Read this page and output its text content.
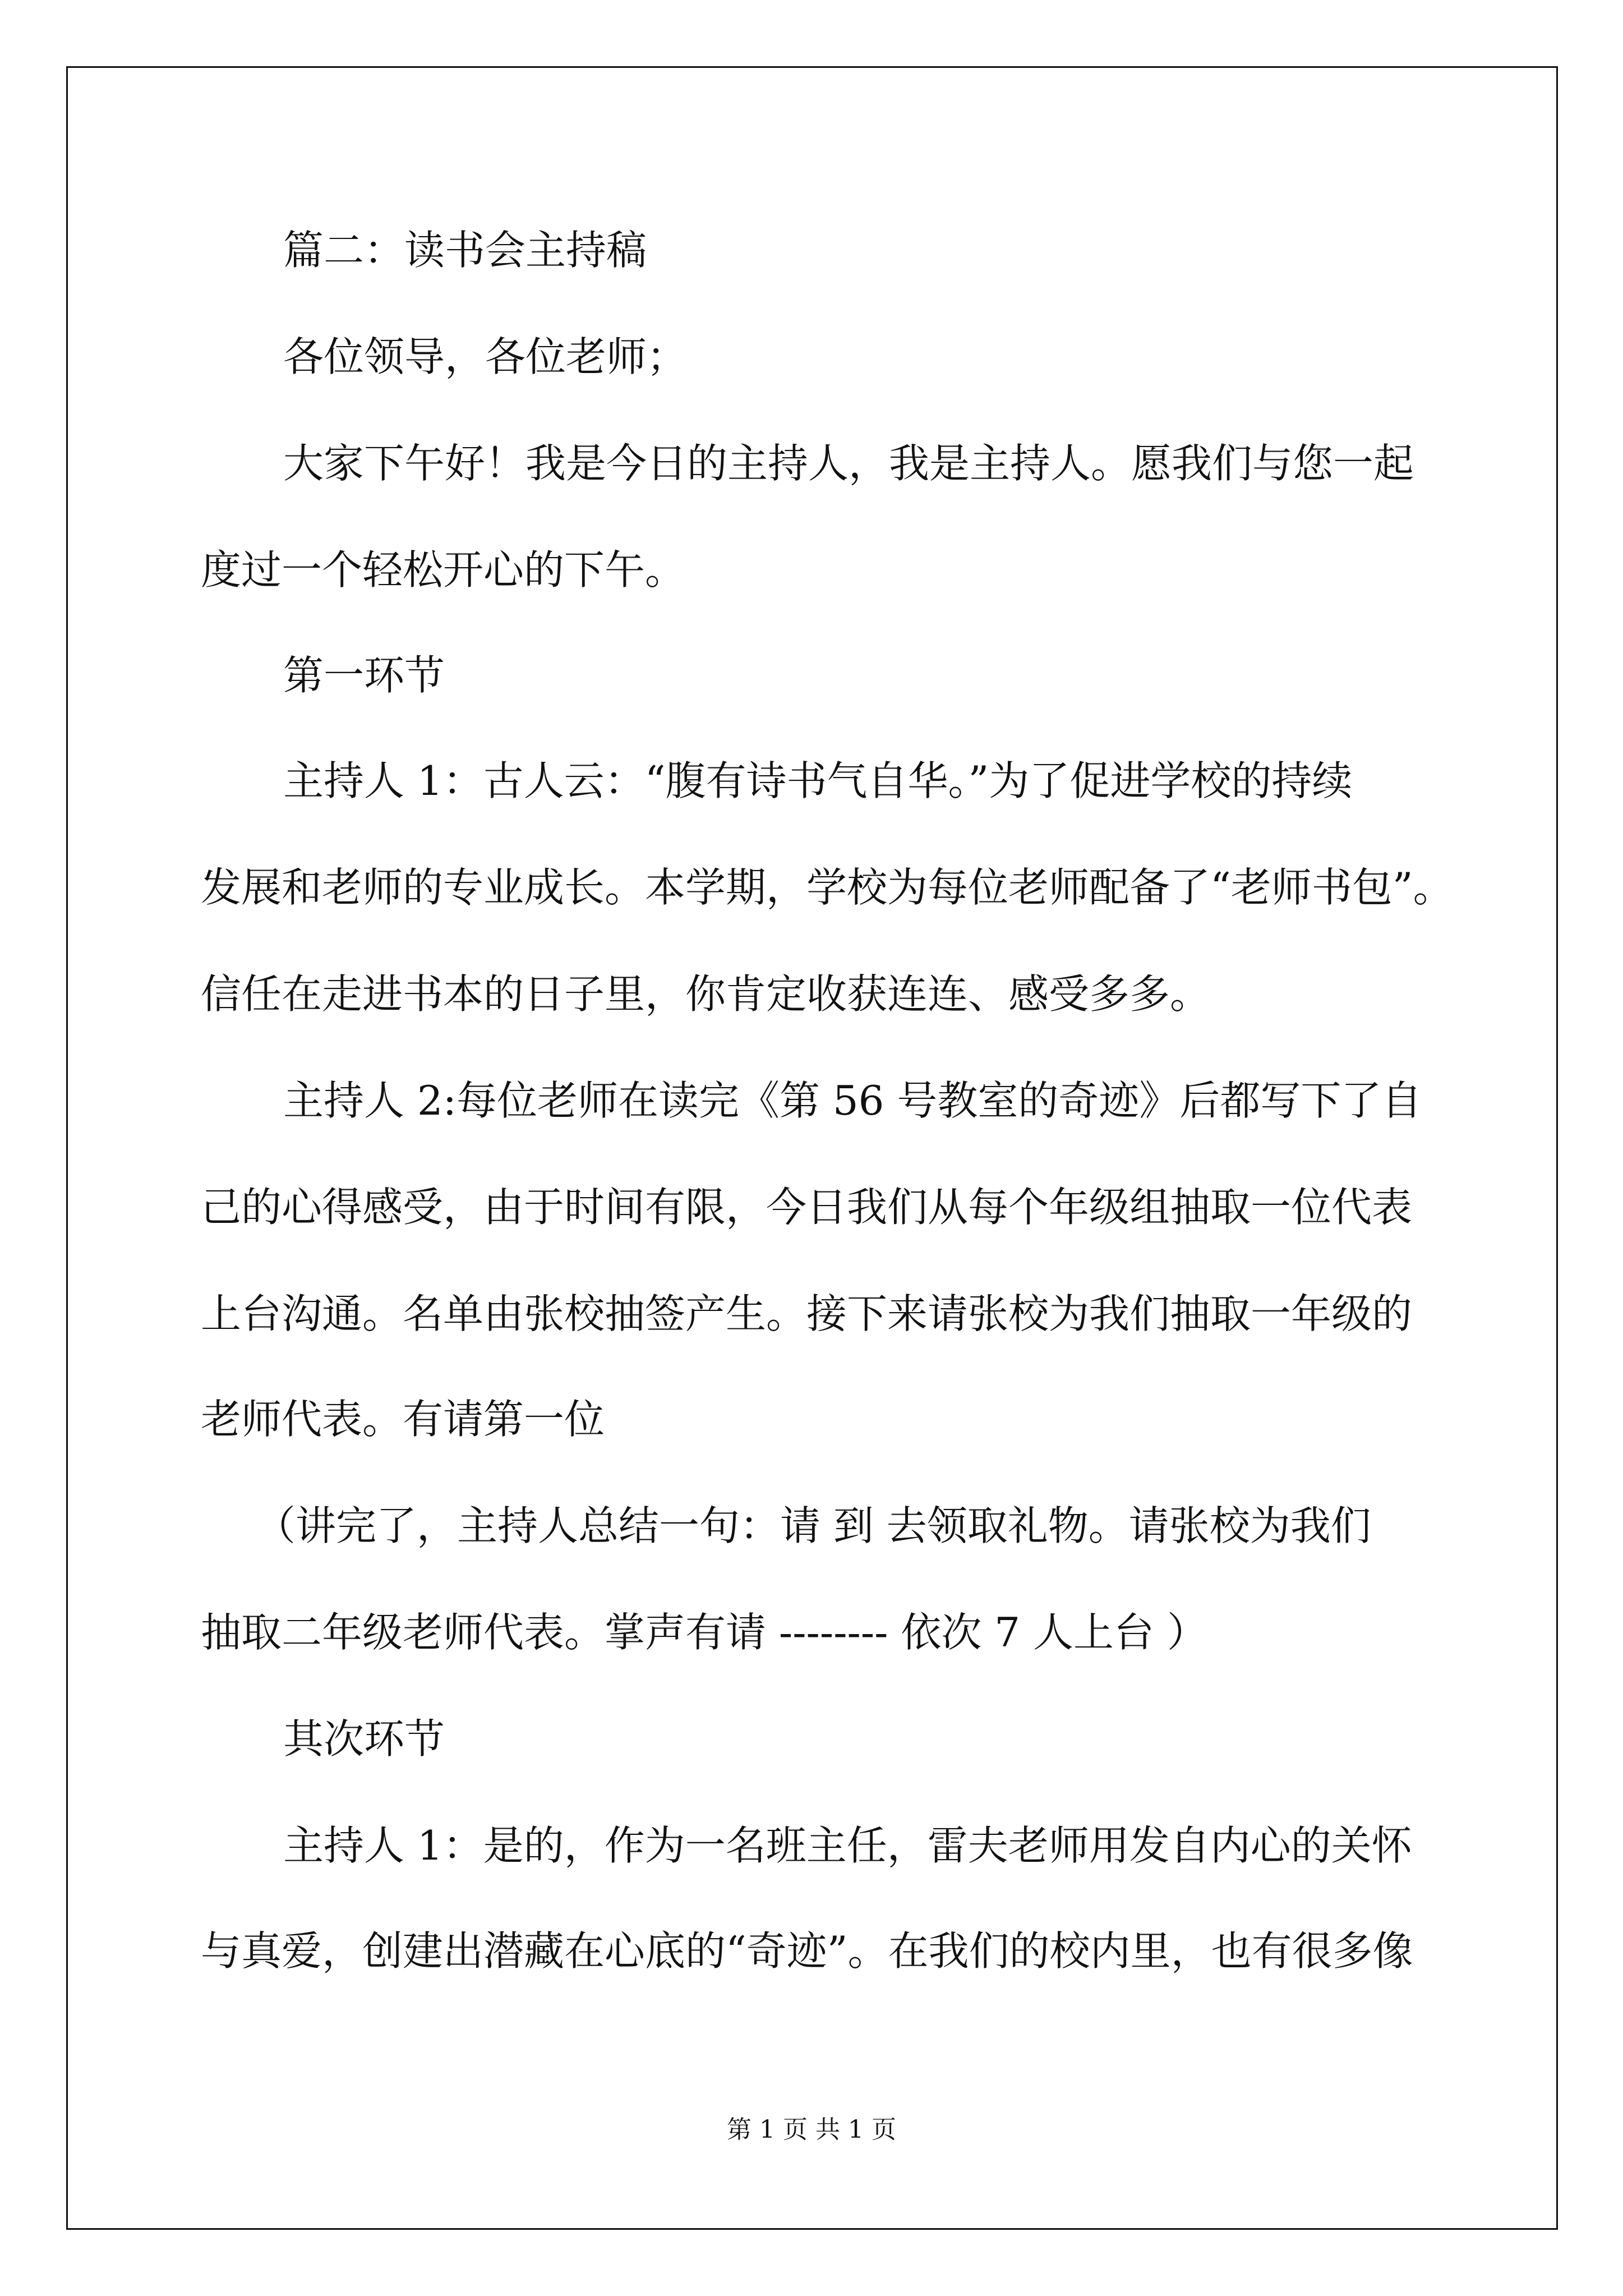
篇二：读书会主持稿
各位领导，各位老师；
大家下午好！我是今日的主持人，我是主持人。愿我们与您一起
度过一个轻松开心的下午。
第一环节
主持人 1：古人云：“腹有诗书气自华。”为了促进学校的持续
发展和老师的专业成长。本学期，学校为每位老师配备了“老师书包”。
信任在走进书本的日子里，你肯定收获连连、感受多多。
主持人 2:每位老师在读完《第 56 号教室的奇迹》后都写下了自
己的心得感受，由于时间有限，今日我们从每个年级组抽取一位代表
上台沟通。名单由张校抽签产生。接下来请张校为我们抽取一年级的
老师代表。有请第一位
（讲完了，主持人总结一句：请 到 去领取礼物。请张校为我们
抽取二年级老师代表。掌声有请 -------- 依次 7 人上台 ）
其次环节
主持人 1：是的，作为一名班主任，雷夫老师用发自内心的关怀
与真爱，创建出潜藏在心底的“奇迹”。在我们的校内里，也有很多像
第 1 页 共 1 页
